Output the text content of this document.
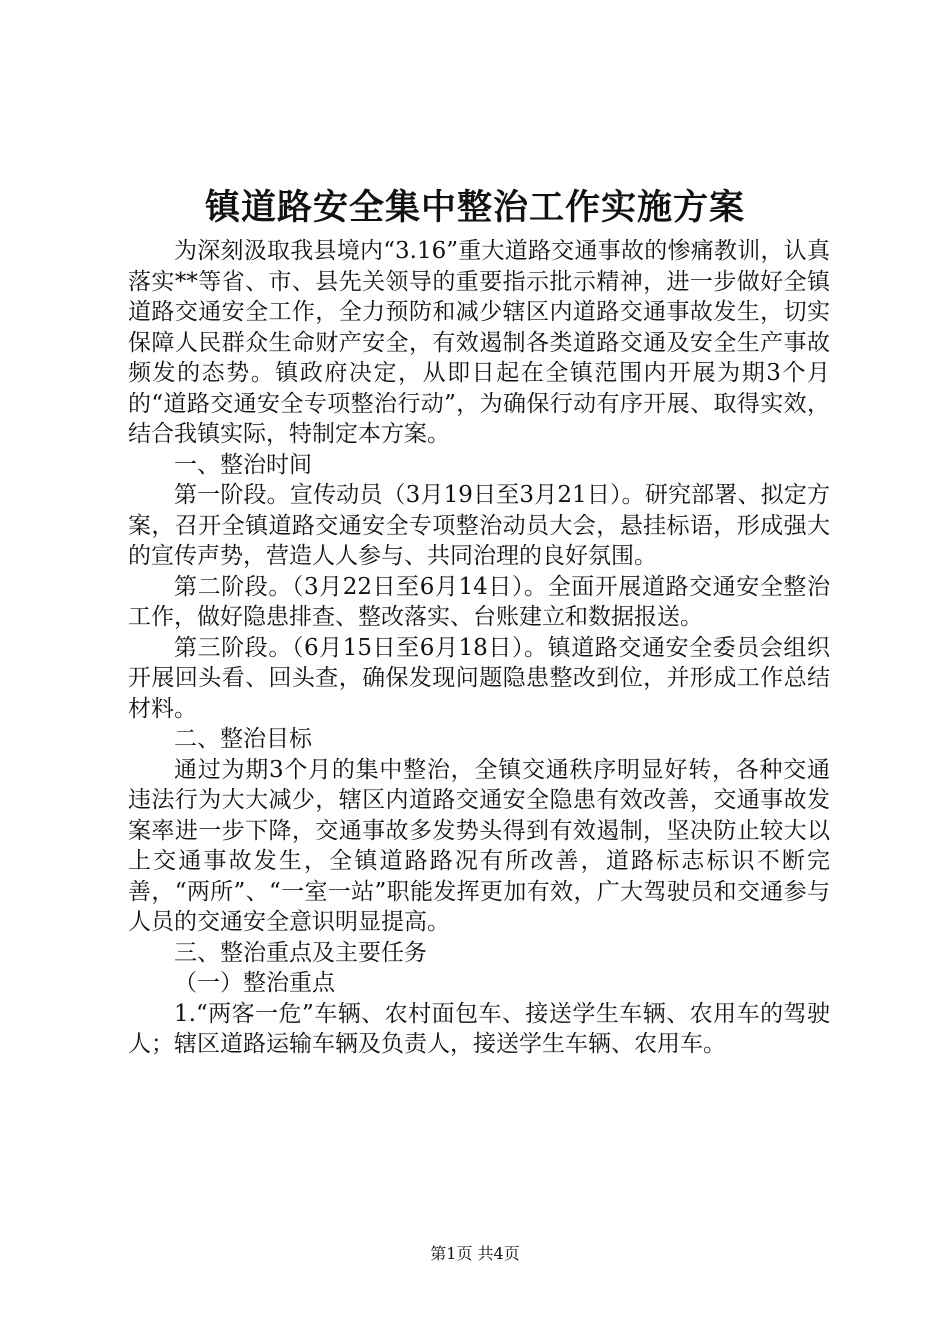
镇道路安全集中整治工作实施方案

为深刻汲取我县境内“3.16”重大道路交通事故的惨痛教训，认真落实**等省、市、县先关领导的重要指示批示精神，进一步做好全镇道路交通安全工作，全力预防和减少辖区内道路交通事故发生，切实保障人民群众生命财产安全，有效遏制各类道路交通及安全生产事故频发的态势。镇政府决定，从即日起在全镇范围内开展为期3个月的“道路交通安全专项整治行动”，为确保行动有序开展、取得实效，结合我镇实际，特制定本方案。

一、整治时间

第一阶段。宣传动员（3月19日至3月21日）。研究部署、拟定方案，召开全镇道路交通安全专项整治动员大会，悬挂标语，形成强大的宣传声势，营造人人参与、共同治理的良好氛围。

第二阶段。（3月22日至6月14日）。全面开展道路交通安全整治工作，做好隐患排查、整改落实、台账建立和数据报送。

第三阶段。（6月15日至6月18日）。镇道路交通安全委员会组织开展回头看、回头查，确保发现问题隐患整改到位，并形成工作总结材料。

二、整治目标

通过为期3个月的集中整治，全镇交通秩序明显好转，各种交通违法行为大大减少，辖区内道路交通安全隐患有效改善，交通事故发案率进一步下降，交通事故多发势头得到有效遏制，坚决防止较大以上交通事故发生，全镇道路路况有所改善，道路标志标识不断完善，“两所”、“一室一站”职能发挥更加有效，广大驾驶员和交通参与人员的交通安全意识明显提高。

三、整治重点及主要任务

（一）整治重点

1.“两客一危”车辆、农村面包车、接送学生车辆、农用车的驾驶人；辖区道路运输车辆及负责人，接送学生车辆、农用车。

第1页 共4页
